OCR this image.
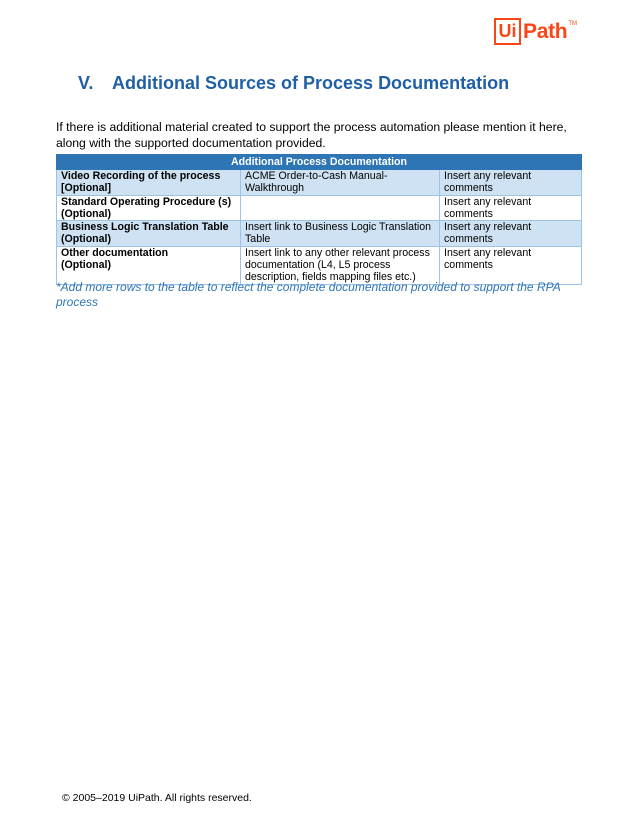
Ui Path TM
V. Additional Sources of Process Documentation
If there is additional material created to support the process automation please mention it here, along with the supported documentation provided.
Additional Process Documentation		

Video Recording of the process
[Optional]	ACME Order-to-Cash Manual-Walkthrough	Insert any relevant comments

Standard Operating Procedure (s)
(Optional)		Insert any relevant comments

Business Logic Translation Table
(Optional)	Insert link to Business Logic Translation Table	Insert any relevant comments

Other documentation
(Optional)	Insert link to any other relevant process documentation (L4, L5 process description, fields mapping files etc.)	Insert any relevant comments
*Add more rows to the table to reflect the complete documentation provided to support the RPA process
© 2005–2019 UiPath. All rights reserved.
